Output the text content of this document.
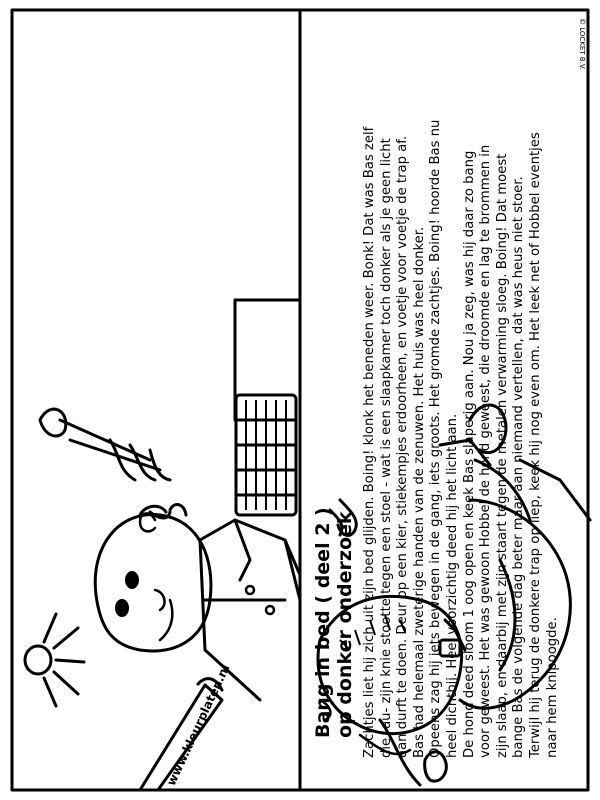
Bang in bed ( deel 2 ) op donker onderzoek Zachtjes liet hij zich uit zijn bed glijden. Boing! klonk het beneden weer. Bonk! Dat was Bas zelf die -au- zijn knie stootte tegen een stoel - wat is een slaapkamer toch donker als je geen licht aan durft te doen. Deur op een kier, stiekempjes erdoorheen, en voetje voor voetje de trap af. Bas had helemaal zweterige handen van de zenuwen. Het huis was heel donker. Opeens zag hij iets bewegen in de gang, iets groots. Het gromde zachtjes. Boing! hoorde Bas nu heel dichtbij. Heel voorzichtig deed hij het licht aan. De hond deed sloom 1 oog open en keek Bas slaperig aan. Nou ja zeg, was hij daar zo bang voor geweest. Het was gewoon Hobbel de hond geweest, die droomde en lag te brommen in zijn slaap, en daarbij met zijn staart tegen de metalen verwarming sloeg. Boing! Dat moest bange Bas de volgende dag beter maar aan niemand vertellen, dat was heus niet stoer. Terwijl hij terug de donkere trap op liep, keek hij nog even om. Het leek net of Hobbel eventjes naar hem knipoogde.

© LOCKET B.V.
www.kleurplaten.nl
